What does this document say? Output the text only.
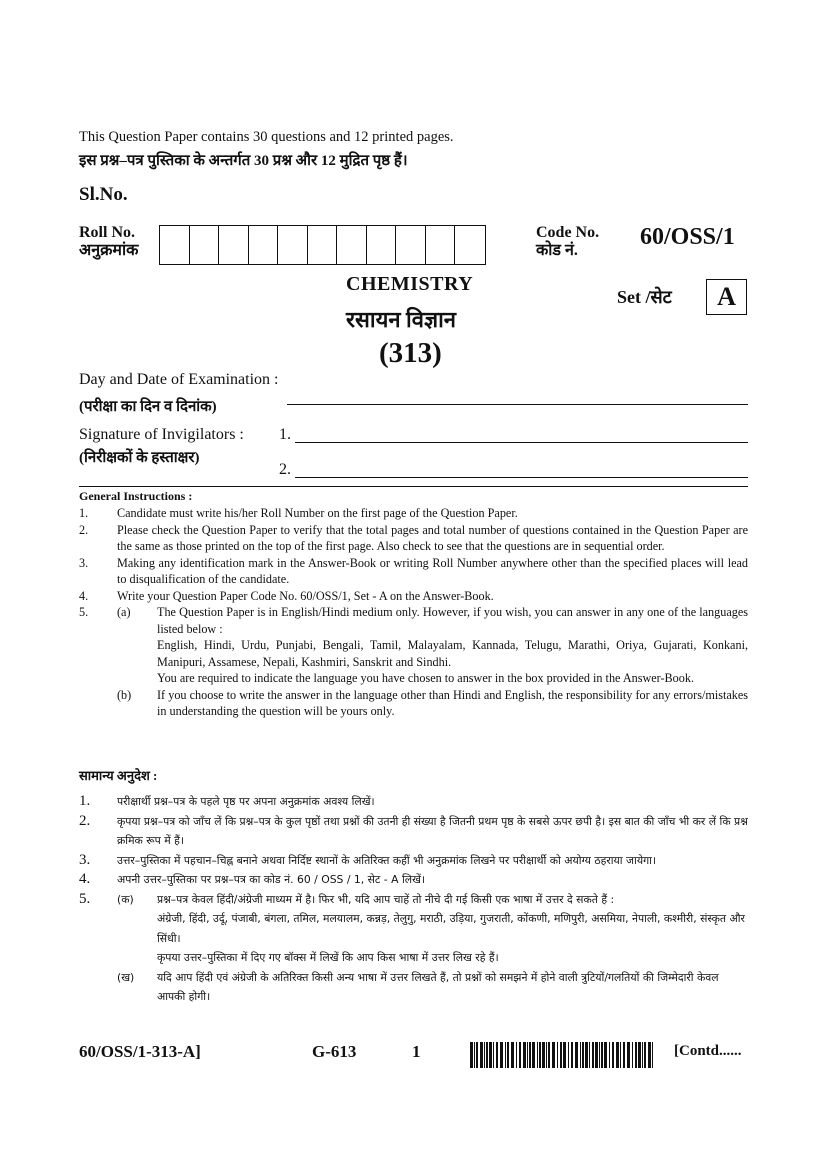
This Question Paper contains 30 questions and 12 printed pages.
इस प्रश्न–पत्र पुस्तिका के अन्तर्गत 30 प्रश्न और 12 मुद्रित पृष्ठ हैं।
Sl.No.
Roll No.
अनुक्रमांक
Code No.
कोड नं.
60/OSS/1
CHEMISTRY
रसायन विज्ञान
(313)
Set /सेट	A
Day and Date of Examination :
(परीक्षा का दिन व दिनांक)
Signature of Invigilators :
(निरीक्षकों के हस्ताक्षर)
1.
2.
General Instructions :
1.	Candidate must write his/her Roll Number on the first page of the Question Paper.
2.	Please check the Question Paper to verify that the total pages and total number of questions contained in the Question Paper are the same as those printed on the top of the first page. Also check to see that the questions are in sequential order.
3.	Making any identification mark in the Answer-Book or writing Roll Number anywhere other than the specified places will lead to disqualification of the candidate.
4.	Write your Question Paper Code No. 60/OSS/1, Set - A on the Answer-Book.
5.	(a)	The Question Paper is in English/Hindi medium only. However, if you wish, you can answer in any one of the languages listed below :
English, Hindi, Urdu, Punjabi, Bengali, Tamil, Malayalam, Kannada, Telugu, Marathi, Oriya, Gujarati, Konkani, Manipuri, Assamese, Nepali, Kashmiri, Sanskrit and Sindhi.
You are required to indicate the language you have chosen to answer in the box provided in the Answer-Book.
(b)	If you choose to write the answer in the language other than Hindi and English, the responsibility for any errors/mistakes in understanding the question will be yours only.
सामान्य अनुदेश :
1.	परीक्षार्थी प्रश्न–पत्र के पहले पृष्ठ पर अपना अनुक्रमांक अवश्य लिखें।
2.	कृपया प्रश्न–पत्र को जाँच लें कि प्रश्न–पत्र के कुल पृष्ठों तथा प्रश्नों की उतनी ही संख्या है जितनी प्रथम पृष्ठ के सबसे ऊपर छपी है। इस बात की जाँच भी कर लें कि प्रश्न क्रमिक रूप में हैं।
3.	उत्तर–पुस्तिका में पहचान–चिह्न बनाने अथवा निर्दिष्ट स्थानों के अतिरिक्त कहीं भी अनुक्रमांक लिखने पर परीक्षार्थी को अयोग्य ठहराया जायेगा।
4.	अपनी उत्तर–पुस्तिका पर प्रश्न–पत्र का कोड नं. 60 / OSS / 1, सेट - A लिखें।
5.	(क)	प्रश्न–पत्र केवल हिंदी/अंग्रेजी माध्यम में है। फिर भी, यदि आप चाहें तो नीचे दी गई किसी एक भाषा में उत्तर दे सकते हैं :
अंग्रेजी, हिंदी, उर्दू, पंजाबी, बंगला, तमिल, मलयालम, कन्नड़, तेलुगु, मराठी, उड़िया, गुजराती, कोंकणी, मणिपुरी, असमिया, नेपाली, कश्मीरी, संस्कृत और सिंधी।
कृपया उत्तर–पुस्तिका में दिए गए बॉक्स में लिखें कि आप किस भाषा में उत्तर लिख रहे हैं।
(ख)	यदि आप हिंदी एवं अंग्रेजी के अतिरिक्त किसी अन्य भाषा में उत्तर लिखते हैं, तो प्रश्नों को समझने में होने वाली त्रुटियों/गलतियों की जिम्मेदारी केवल आपकी होगी।
60/OSS/1-313-A]	G-613	1	[Contd......
